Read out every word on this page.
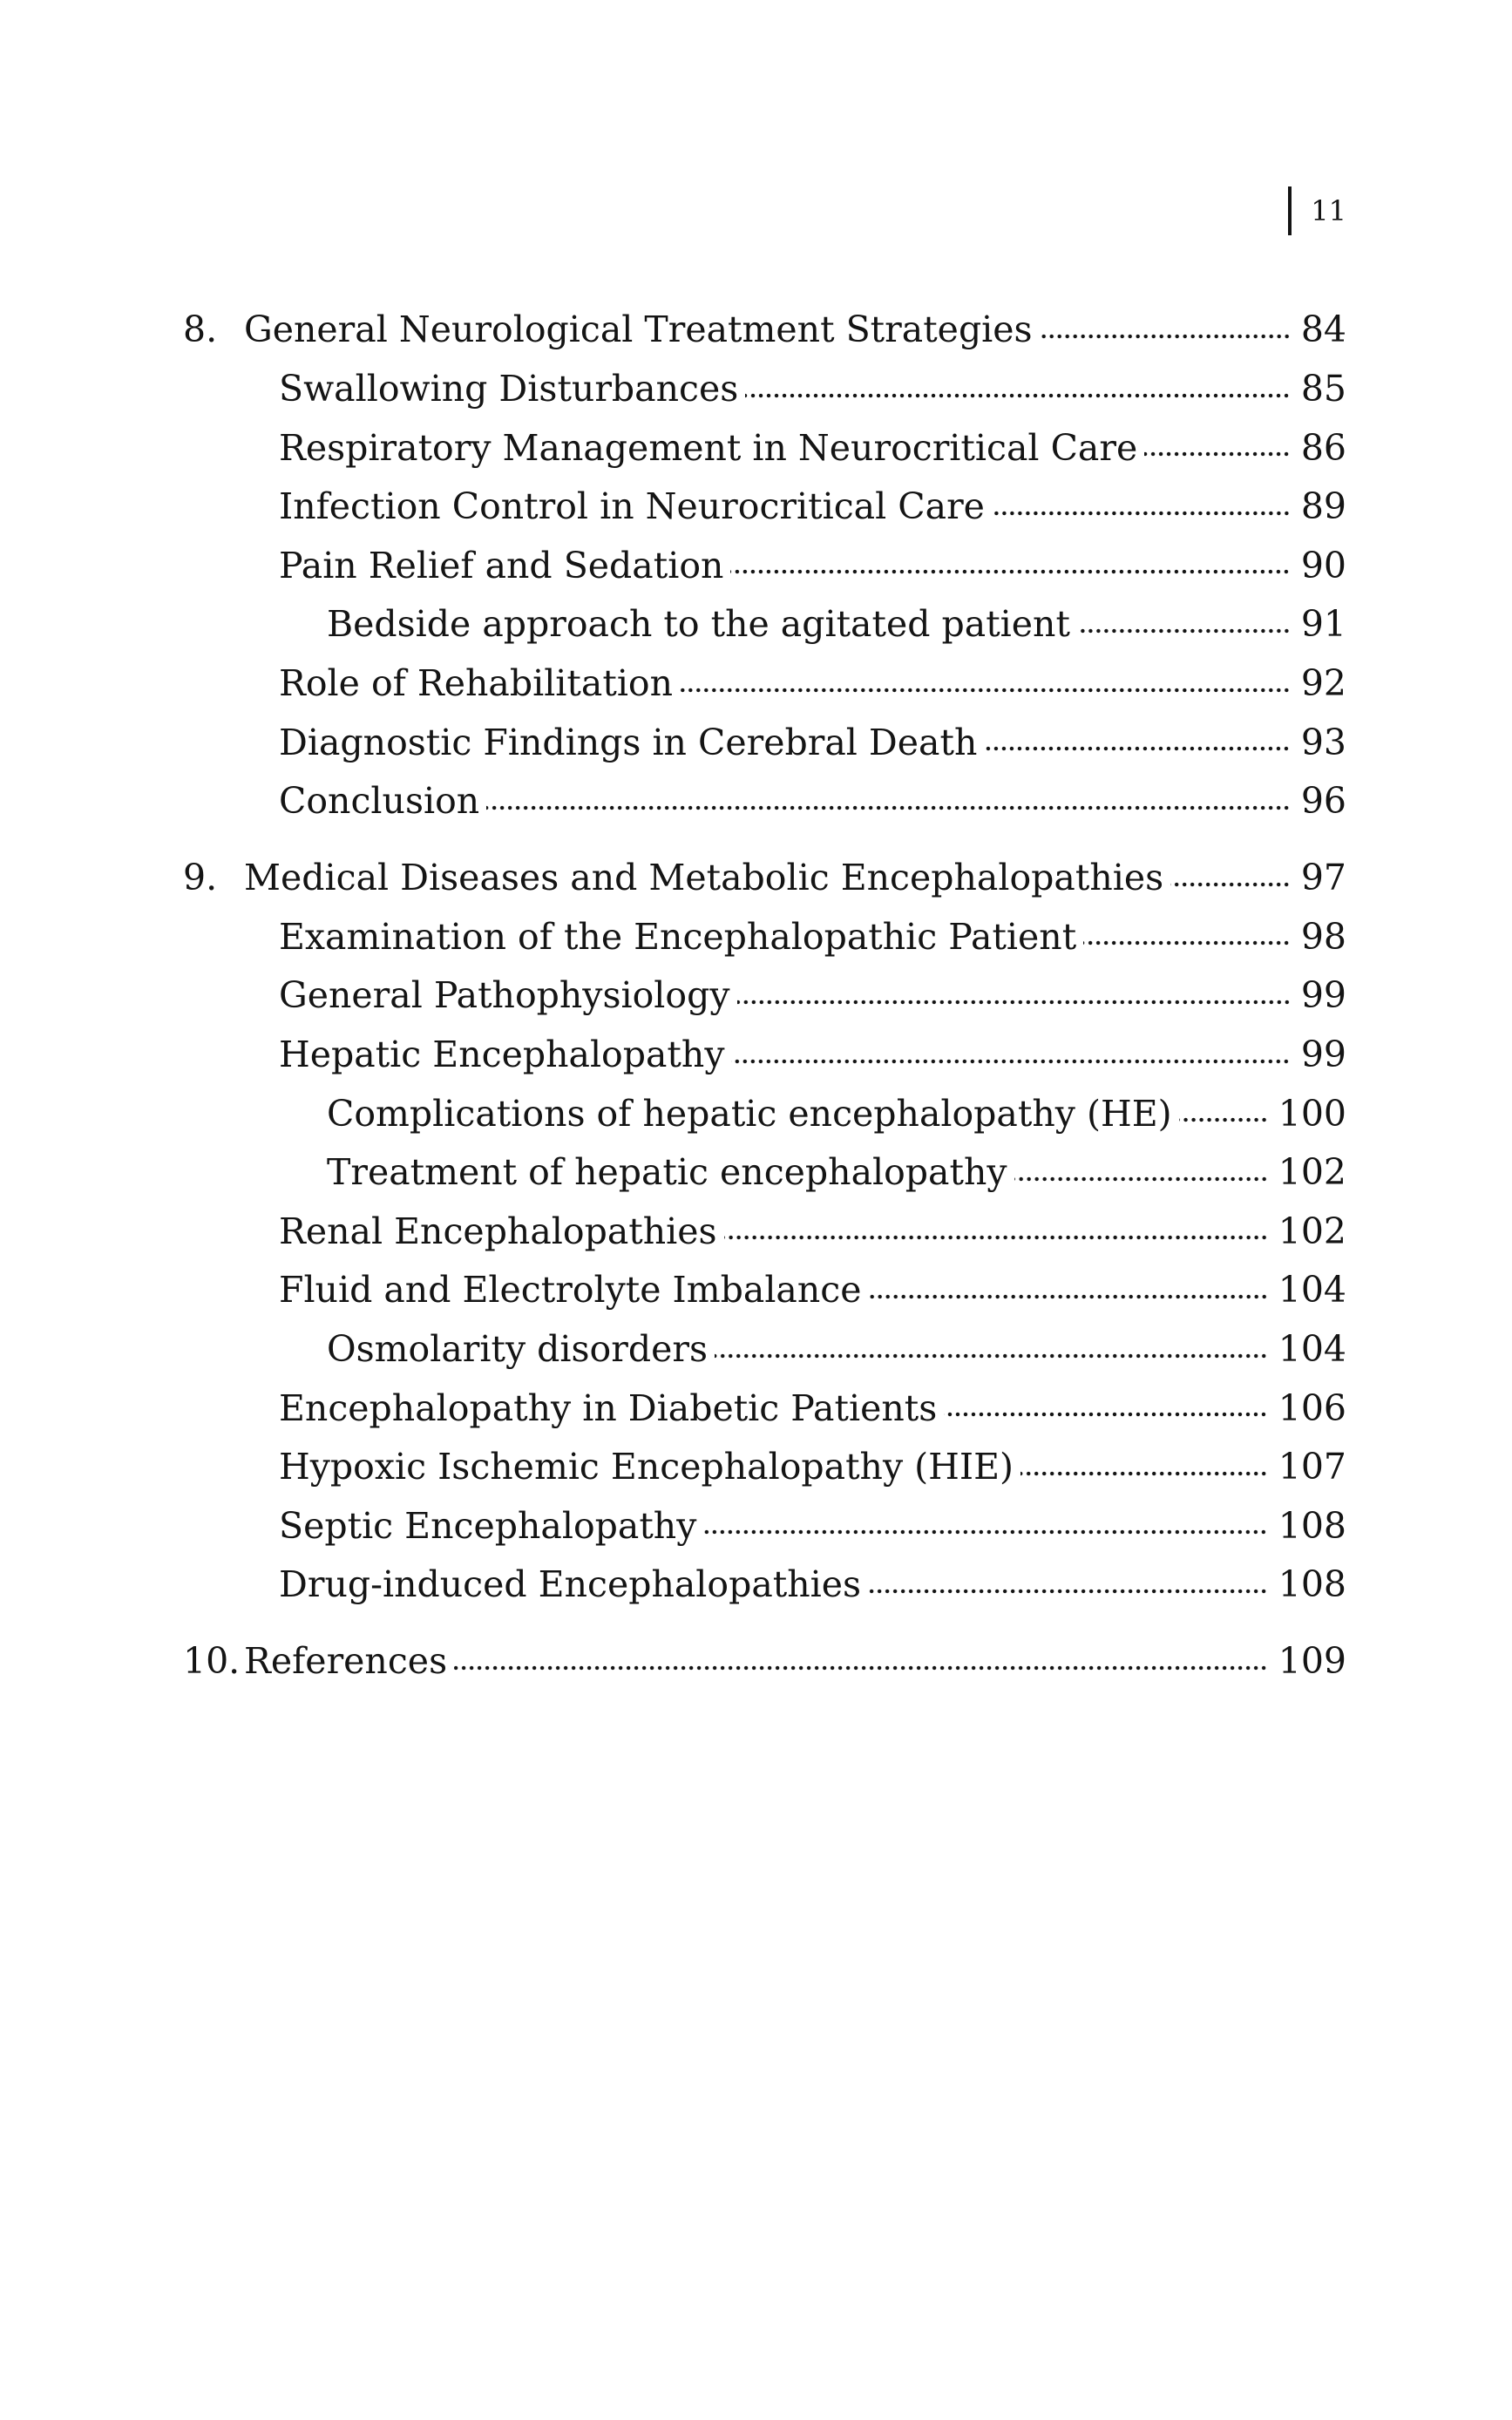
11
8. General Neurological Treatment Strategies	84
Swallowing Disturbances	85
Respiratory Management in Neurocritical Care	86
Infection Control in Neurocritical Care	89
Pain Relief and Sedation	90
Bedside approach to the agitated patient	91
Role of Rehabilitation	92
Diagnostic Findings in Cerebral Death	93
Conclusion	96
9. Medical Diseases and Metabolic Encephalopathies	97
Examination of the Encephalopathic Patient	98
General Pathophysiology	99
Hepatic Encephalopathy	99
Complications of hepatic encephalopathy (HE)	100
Treatment of hepatic encephalopathy	102
Renal Encephalopathies	102
Fluid and Electrolyte Imbalance	104
Osmolarity disorders	104
Encephalopathy in Diabetic Patients	106
Hypoxic Ischemic Encephalopathy (HIE)	107
Septic Encephalopathy	108
Drug-induced Encephalopathies	108
10. References	109
